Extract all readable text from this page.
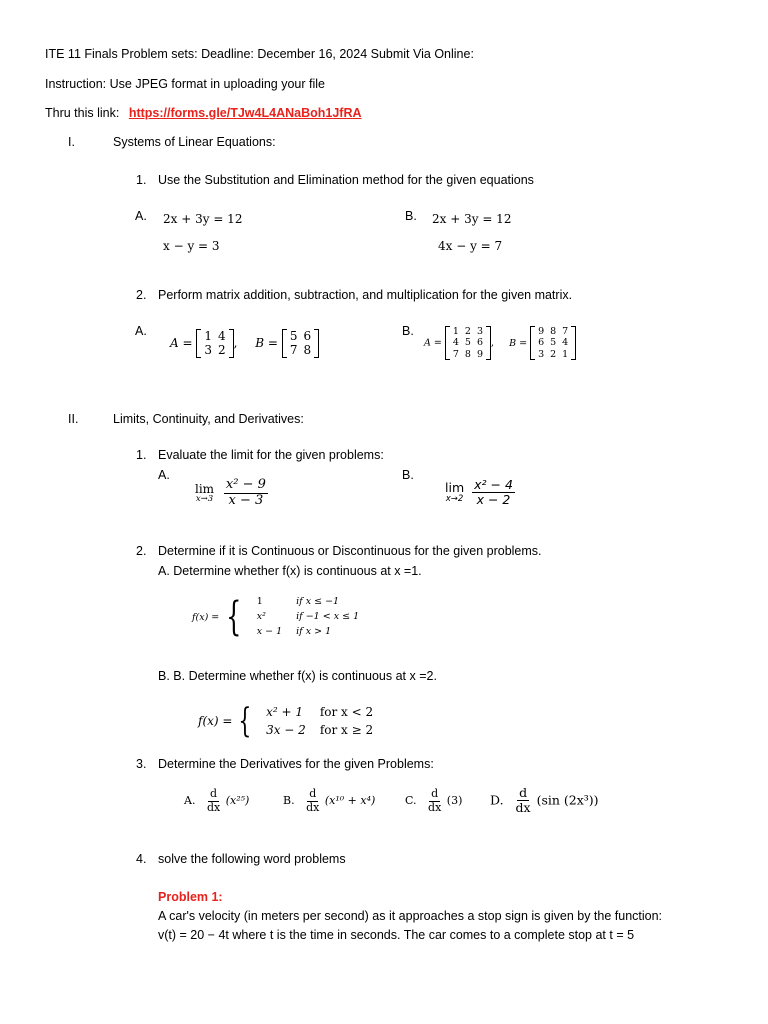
ITE 11 Finals Problem sets: Deadline: December 16, 2024 Submit Via Online:
Instruction: Use JPEG format in uploading your file
Thru this link: https://forms.gle/TJw4L4ANaBoh1JfRA
I.	Systems of Linear Equations:
1. Use the Substitution and Elimination method for the given equations
A. 2x + 3y = 12
x − y = 3
B. 2x + 3y = 12
4x − y = 7
2. Perform matrix addition, subtraction, and multiplication for the given matrix.
A.
A = 1	4
3	2
, B = 5	6
7	8
B.
A =
1	2	3
4	5	6
7	8	9
, B =
9	8	7
6	5	4
3	2	1
II.	Limits, Continuity, and Derivatives:
1. Evaluate the limit for the given problems:
A.	B.
lim
x→3
$\frac{\text{x² − 9}}{x - 3}$	lim
x→2
$\frac{\text{x² − 4}}{x - 2}$
2. Determine if it is Continuous or Discontinuous for the given problems.
A. Determine whether f(x) is continuous at x =1.
f(x) = { 1	if x ≤ −1
x²	if −1 < x ≤ 1
x − 1	if x > 1
B. B. Determine whether f(x) is continuous at x =2.
f(x) = { x² + 1	for x < 2
3x − 2	for x ≥ 2
3. Determine the Derivatives for the given Problems:
A. $\frac{d}{dx} (x^{25})$	B. $\frac{d}{dx} (x^{10} + x^4)$	C. $\frac{d}{dx} (3)$ D. $\frac{d}{dx} (\sin$ (2x³))
4. solve the following word problems
Problem 1:
A car's velocity (in meters per second) as it approaches a stop sign is given by the function:
v(t) = 20 − 4t where t is the time in seconds. The car comes to a complete stop at t = 5
